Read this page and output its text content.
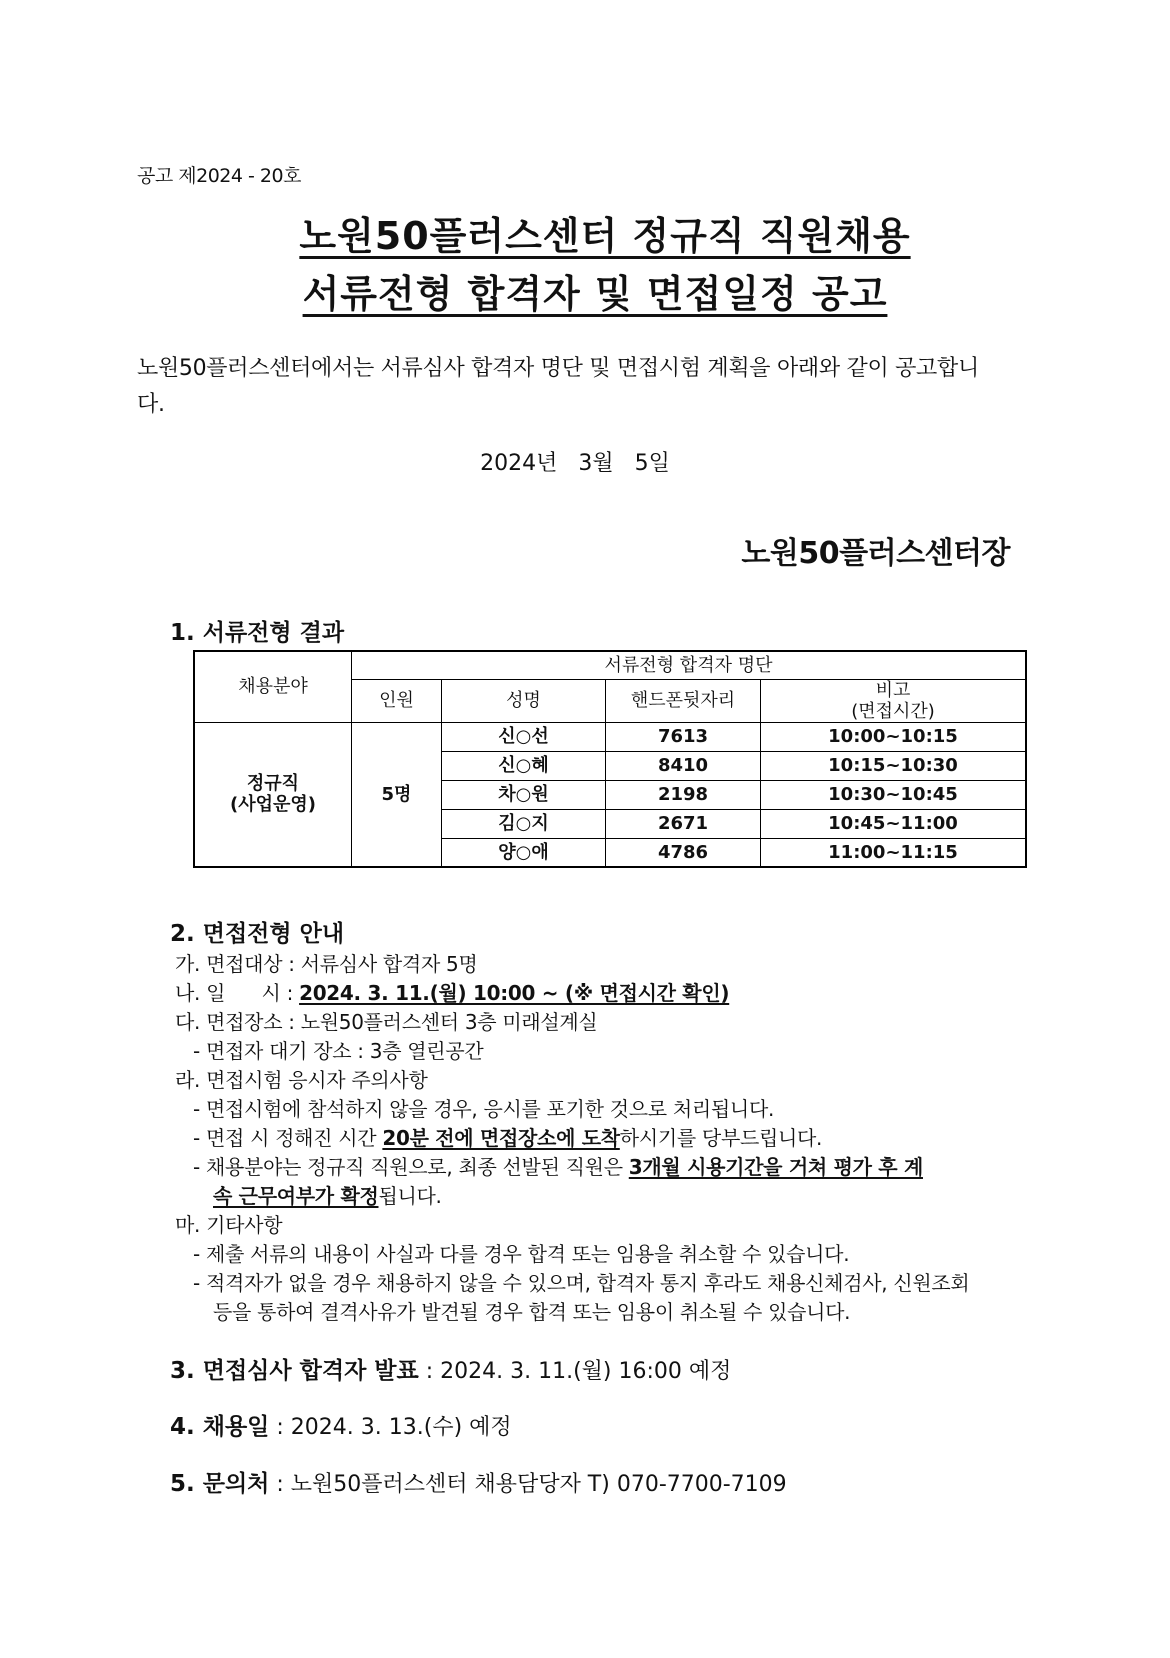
공고 제2024 - 20호
노원50플러스센터 정규직 직원채용
서류전형 합격자 및 면접일정 공고
노원50플러스센터에서는 서류심사 합격자 명단 및 면접시험 계획을 아래와 같이 공고합니다.
2024년 3월 5일
노원50플러스센터장
1. 서류전형 결과
채용분야	서류전형 합격자 명단			
	인원	성명	핸드폰뒷자리	비고
(면접시간)

정규직
(사업운영)	5명	신○선	7613	10:00~10:15
		신○혜	8410	10:15~10:30
		차○원	2198	10:30~10:45
		김○지	2671	10:45~11:00
		양○애	4786	11:00~11:15
2. 면접전형 안내
가. 면접대상 : 서류심사 합격자 5명
나. 일      시 : 2024. 3. 11.(월) 10:00 ~ (※ 면접시간 확인)
다. 면접장소 : 노원50플러스센터 3층 미래설계실
- 면접자 대기 장소 : 3층 열린공간
라. 면접시험 응시자 주의사항
- 면접시험에 참석하지 않을 경우, 응시를 포기한 것으로 처리됩니다.
- 면접 시 정해진 시간 20분 전에 면접장소에 도착하시기를 당부드립니다.
- 채용분야는 정규직 직원으로, 최종 선발된 직원은 3개월 시용기간을 거쳐 평가 후 계
속 근무여부가 확정됩니다.
마. 기타사항
- 제출 서류의 내용이 사실과 다를 경우 합격 또는 임용을 취소할 수 있습니다.
- 적격자가 없을 경우 채용하지 않을 수 있으며, 합격자 통지 후라도 채용신체검사, 신원조회
등을 통하여 결격사유가 발견될 경우 합격 또는 임용이 취소될 수 있습니다.
3. 면접심사 합격자 발표 : 2024. 3. 11.(월) 16:00 예정
4. 채용일 : 2024. 3. 13.(수) 예정
5. 문의처 : 노원50플러스센터 채용담당자 T) 070-7700-7109
